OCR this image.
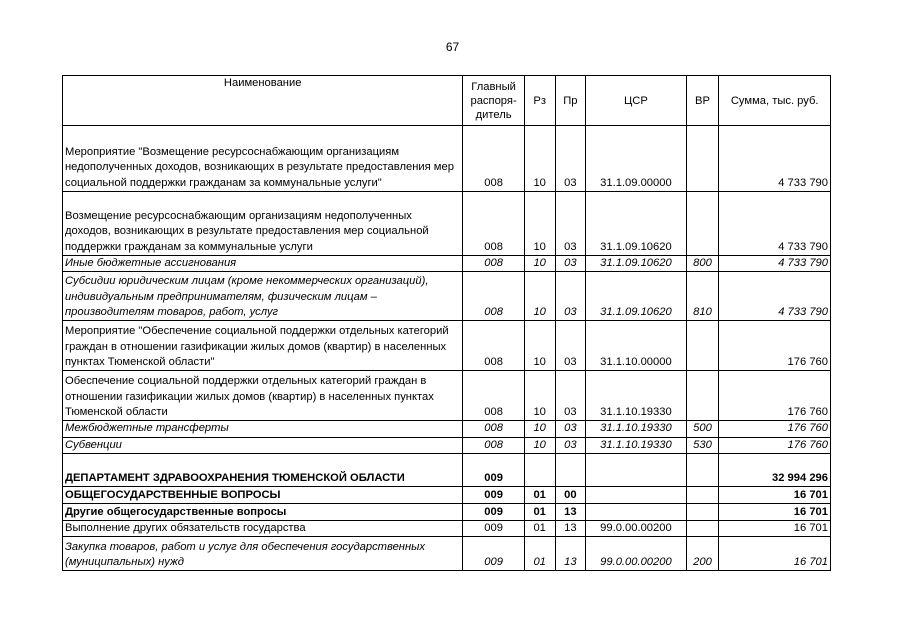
67
Наименование	Главный распоря-дитель	Рз	Пр	ЦСР	ВР	Сумма, тыс. руб.
Мероприятие "Возмещение ресурсоснабжающим организациям недополученных доходов, возникающих в результате предоставления мер социальной поддержки гражданам за коммунальные услуги"	008	10	03	31.1.09.00000		4 733 790
Возмещение ресурсоснабжающим организациям недополученных доходов, возникающих в результате предоставления мер социальной поддержки гражданам за коммунальные услуги	008	10	03	31.1.09.10620		4 733 790
Иные бюджетные ассигнования	008	10	03	31.1.09.10620	800	4 733 790
Субсидии юридическим лицам (кроме некоммерческих организаций), индивидуальным предпринимателям, физическим лицам – производителям товаров, работ, услуг	008	10	03	31.1.09.10620	810	4 733 790
Мероприятие "Обеспечение социальной поддержки отдельных категорий граждан в отношении газификации жилых домов (квартир) в населенных пунктах Тюменской области"	008	10	03	31.1.10.00000		176 760
Обеспечение социальной поддержки отдельных категорий граждан в отношении газификации жилых домов (квартир) в населенных пунктах Тюменской области	008	10	03	31.1.10.19330		176 760
Межбюджетные трансферты	008	10	03	31.1.10.19330	500	176 760
Субвенции	008	10	03	31.1.10.19330	530	176 760
ДЕПАРТАМЕНТ ЗДРАВООХРАНЕНИЯ ТЮМЕНСКОЙ ОБЛАСТИ	009					32 994 296
ОБЩЕГОСУДАРСТВЕННЫЕ ВОПРОСЫ	009	01	00			16 701
Другие общегосударственные вопросы	009	01	13			16 701
Выполнение других обязательств государства	009	01	13	99.0.00.00200		16 701
Закупка товаров, работ и услуг для обеспечения государственных (муниципальных) нужд	009	01	13	99.0.00.00200	200	16 701
